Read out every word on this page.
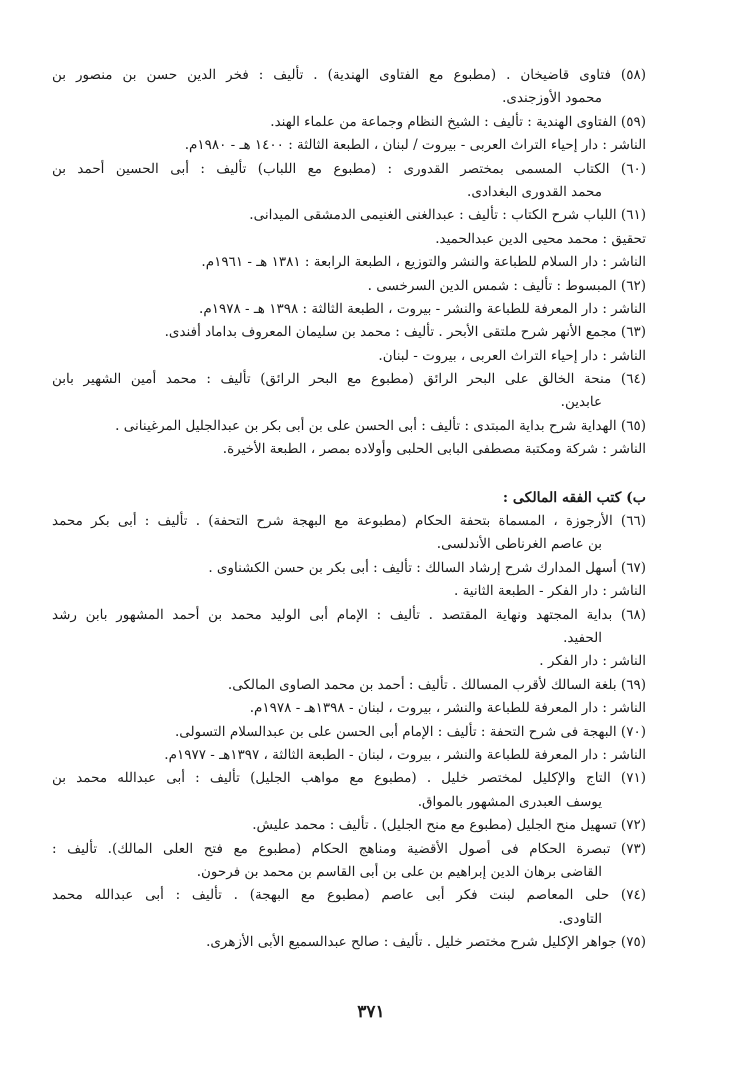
(٥٨) فتاوى قاضيخان . (مطبوع مع الفتاوى الهندية) . تأليف : فخر الدين حسن بن منصور بن
محمود الأوزجندى.
(٥٩) الفتاوى الهندية : تأليف : الشيخ النظام وجماعة من علماء الهند.
الناشر : دار إحياء التراث العربى - بيروت / لبنان ، الطبعة الثالثة : ١٤٠٠ هـ - ١٩٨٠م.
(٦٠) الكتاب المسمى بمختصر القدورى : (مطبوع مع اللباب) تأليف : أبى الحسين أحمد بن
محمد القدورى البغدادى.
(٦١) اللباب شرح الكتاب : تأليف : عبدالغنى الغنيمى الدمشقى الميدانى.
تحقيق : محمد محيى الدين عبدالحميد.
الناشر : دار السلام للطباعة والنشر والتوزيع ، الطبعة الرابعة : ١٣٨١ هـ - ١٩٦١م.
(٦٢) المبسوط : تأليف : شمس الدين السرخسى .
الناشر : دار المعرفة للطباعة والنشر - بيروت ، الطبعة الثالثة : ١٣٩٨ هـ - ١٩٧٨م.
(٦٣) مجمع الأنهر شرح ملتقى الأبحر . تأليف : محمد بن سليمان المعروف بداماد أفندى.
الناشر : دار إحياء التراث العربى ، بيروت - لبنان.
(٦٤) منحة الخالق على البحر الرائق (مطبوع مع البحر الرائق) تأليف : محمد أمين الشهير بابن
عابدين.
(٦٥) الهداية شرح بداية المبتدى : تأليف : أبى الحسن على بن أبى بكر بن عبدالجليل المرغينانى .
الناشر : شركة ومكتبة مصطفى البابى الحلبى وأولاده بمصر ، الطبعة الأخيرة.
ب) كتب الفقه المالكى :
(٦٦) الأرجوزة ، المسماة بتحفة الحكام (مطبوعة مع البهجة شرح التحفة) . تأليف : أبى بكر محمد
بن عاصم الغرناطى الأندلسى.
(٦٧) أسهل المدارك شرح إرشاد السالك : تأليف : أبى بكر بن حسن الكشناوى .
الناشر : دار الفكر - الطبعة الثانية .
(٦٨) بداية المجتهد ونهاية المقتصد . تأليف : الإمام أبى الوليد محمد بن أحمد المشهور بابن رشد
الحفيد.
الناشر : دار الفكر .
(٦٩) بلغة السالك لأقرب المسالك . تأليف : أحمد بن محمد الصاوى المالكى.
الناشر : دار المعرفة للطباعة والنشر ، بيروت ، لبنان - ١٣٩٨هـ - ١٩٧٨م.
(٧٠) البهجة فى شرح التحفة : تأليف : الإمام أبى الحسن على بن عبدالسلام التسولى.
الناشر : دار المعرفة للطباعة والنشر ، بيروت ، لبنان - الطبعة الثالثة ، ١٣٩٧هـ - ١٩٧٧م.
(٧١) التاج والإكليل لمختصر خليل . (مطبوع مع مواهب الجليل) تأليف : أبى عبدالله محمد بن
يوسف العبدرى المشهور بالمواق.
(٧٢) تسهيل منح الجليل (مطبوع مع منح الجليل) . تأليف : محمد عليش.
(٧٣) تبصرة الحكام فى أصول الأقضية ومناهج الحكام (مطبوع مع فتح العلى المالك). تأليف :
القاضى برهان الدين إبراهيم بن على بن أبى القاسم بن محمد بن فرحون.
(٧٤) حلى المعاصم لبنت فكر أبى عاصم (مطبوع مع البهجة) . تأليف : أبى عبدالله محمد
التاودى.
(٧٥) جواهر الإكليل شرح مختصر خليل . تأليف : صالح عبدالسميع الأبى الأزهرى.
٣٧١
